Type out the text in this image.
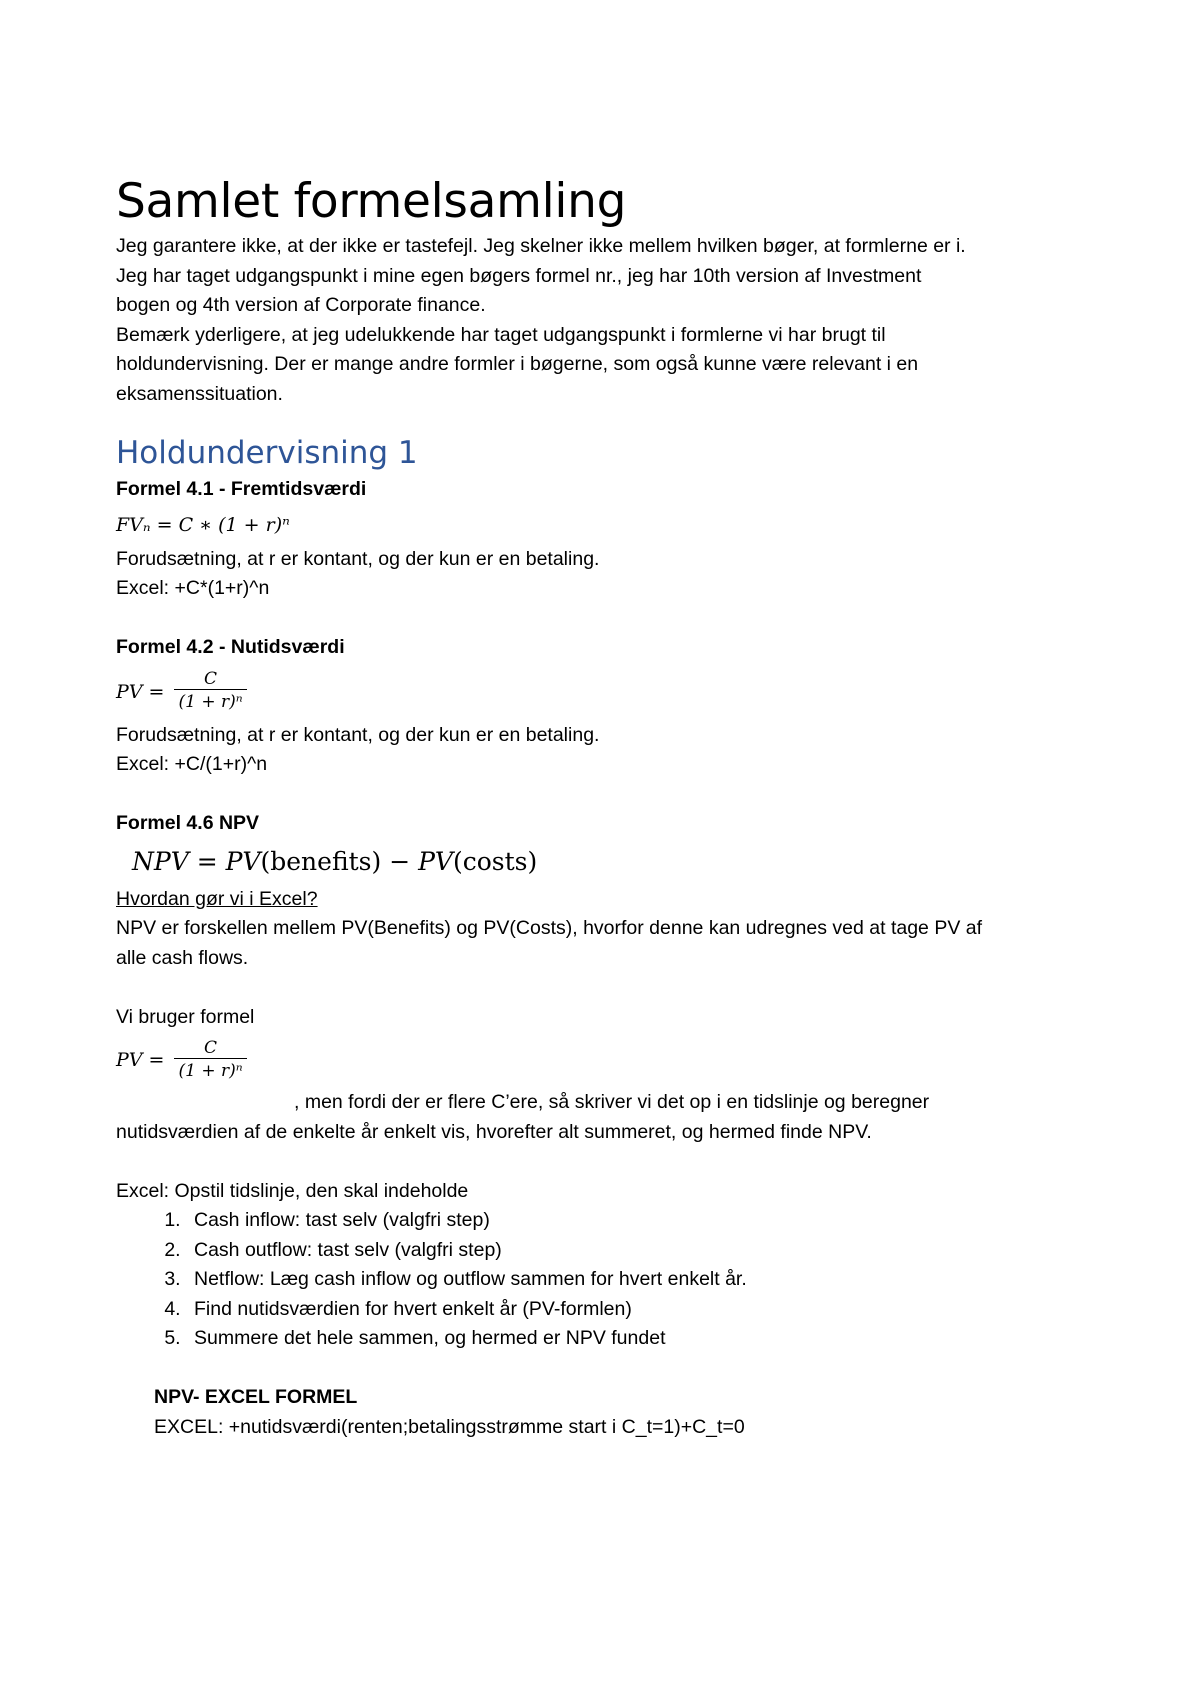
Samlet formelsamling

Jeg garantere ikke, at der ikke er tastefejl. Jeg skelner ikke mellem hvilken bøger, at formlerne er i.

Jeg har taget udgangspunkt i mine egen bøgers formel nr., jeg har 10th version af Investment

bogen og 4th version af Corporate finance.

Bemærk yderligere, at jeg udelukkende har taget udgangspunkt i formlerne vi har brugt til

holdundervisning. Der er mange andre formler i bøgerne, som også kunne være relevant i en

eksamenssituation.

Holdundervisning 1

Formel 4.1 - Fremtidsværdi

FVₙ = C ∗ (1 + r)ⁿ

Forudsætning, at r er kontant, og der kun er en betaling.

Excel: +C*(1+r)^n

Formel 4.2 - Nutidsværdi

PV = $\frac{C}{\text{(1 + r)ⁿ}}$

Forudsætning, at r er kontant, og der kun er en betaling.

Excel: +C/(1+r)^n

Formel 4.6 NPV

NPV = PV (benefits) − PV (costs)

Hvordan gør vi i Excel?

NPV er forskellen mellem PV(Benefits) og PV(Costs), hvorfor denne kan udregnes ved at tage PV af

alle cash flows.

Vi bruger formel

PV = $\frac{C}{\text{(1 + r)ⁿ}}$

, men fordi der er flere C’ere, så skriver vi det op i en tidslinje og beregner

nutidsværdien af de enkelte år enkelt vis, hvorefter alt summeret, og hermed finde NPV.

Excel: Opstil tidslinje, den skal indeholde

1. Cash inflow: tast selv (valgfri step)
2. Cash outflow: tast selv (valgfri step)
3. Netflow: Læg cash inflow og outflow sammen for hvert enkelt år.
4. Find nutidsværdien for hvert enkelt år (PV-formlen)
5. Summere det hele sammen, og hermed er NPV fundet

NPV- EXCEL FORMEL

EXCEL: +nutidsværdi(renten;betalingsstrømme start i C_t=1)+C_t=0
